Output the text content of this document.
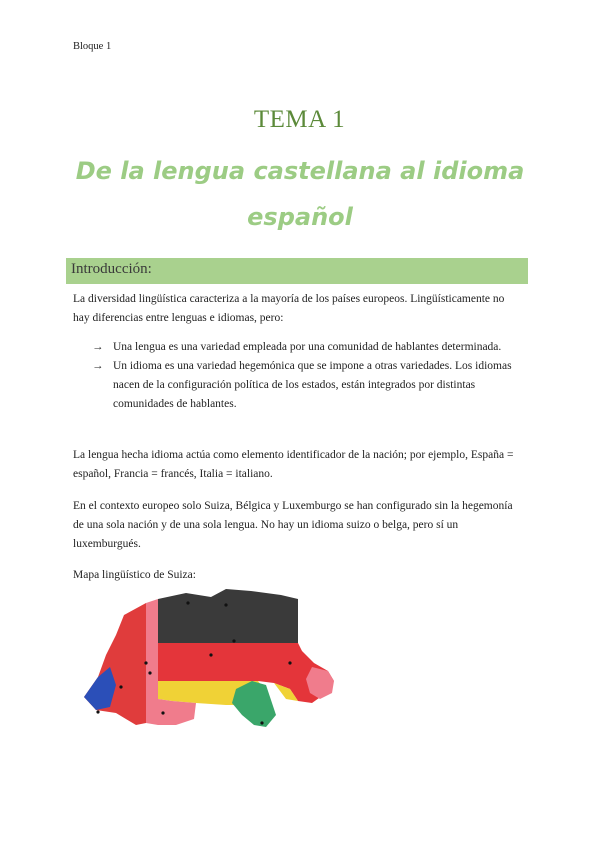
Bloque 1
TEMA 1
De la lengua castellana al idioma español
Introducción:
La diversidad lingüística caracteriza a la mayoría de los países europeos. Lingüísticamente no hay diferencias entre lenguas e idiomas, pero:
→ Una lengua es una variedad empleada por una comunidad de hablantes determinada.
→ Un idioma es una variedad hegemónica que se impone a otras variedades. Los idiomas nacen de la configuración política de los estados, están integrados por distintas comunidades de hablantes.
La lengua hecha idioma actúa como elemento identificador de la nación; por ejemplo, España = español, Francia = francés, Italia = italiano.
En el contexto europeo solo Suiza, Bélgica y Luxemburgo se han configurado sin la hegemonía de una sola nación y de una sola lengua. No hay un idioma suizo o belga, pero sí un luxemburgués.
Mapa lingüístico de Suiza:
